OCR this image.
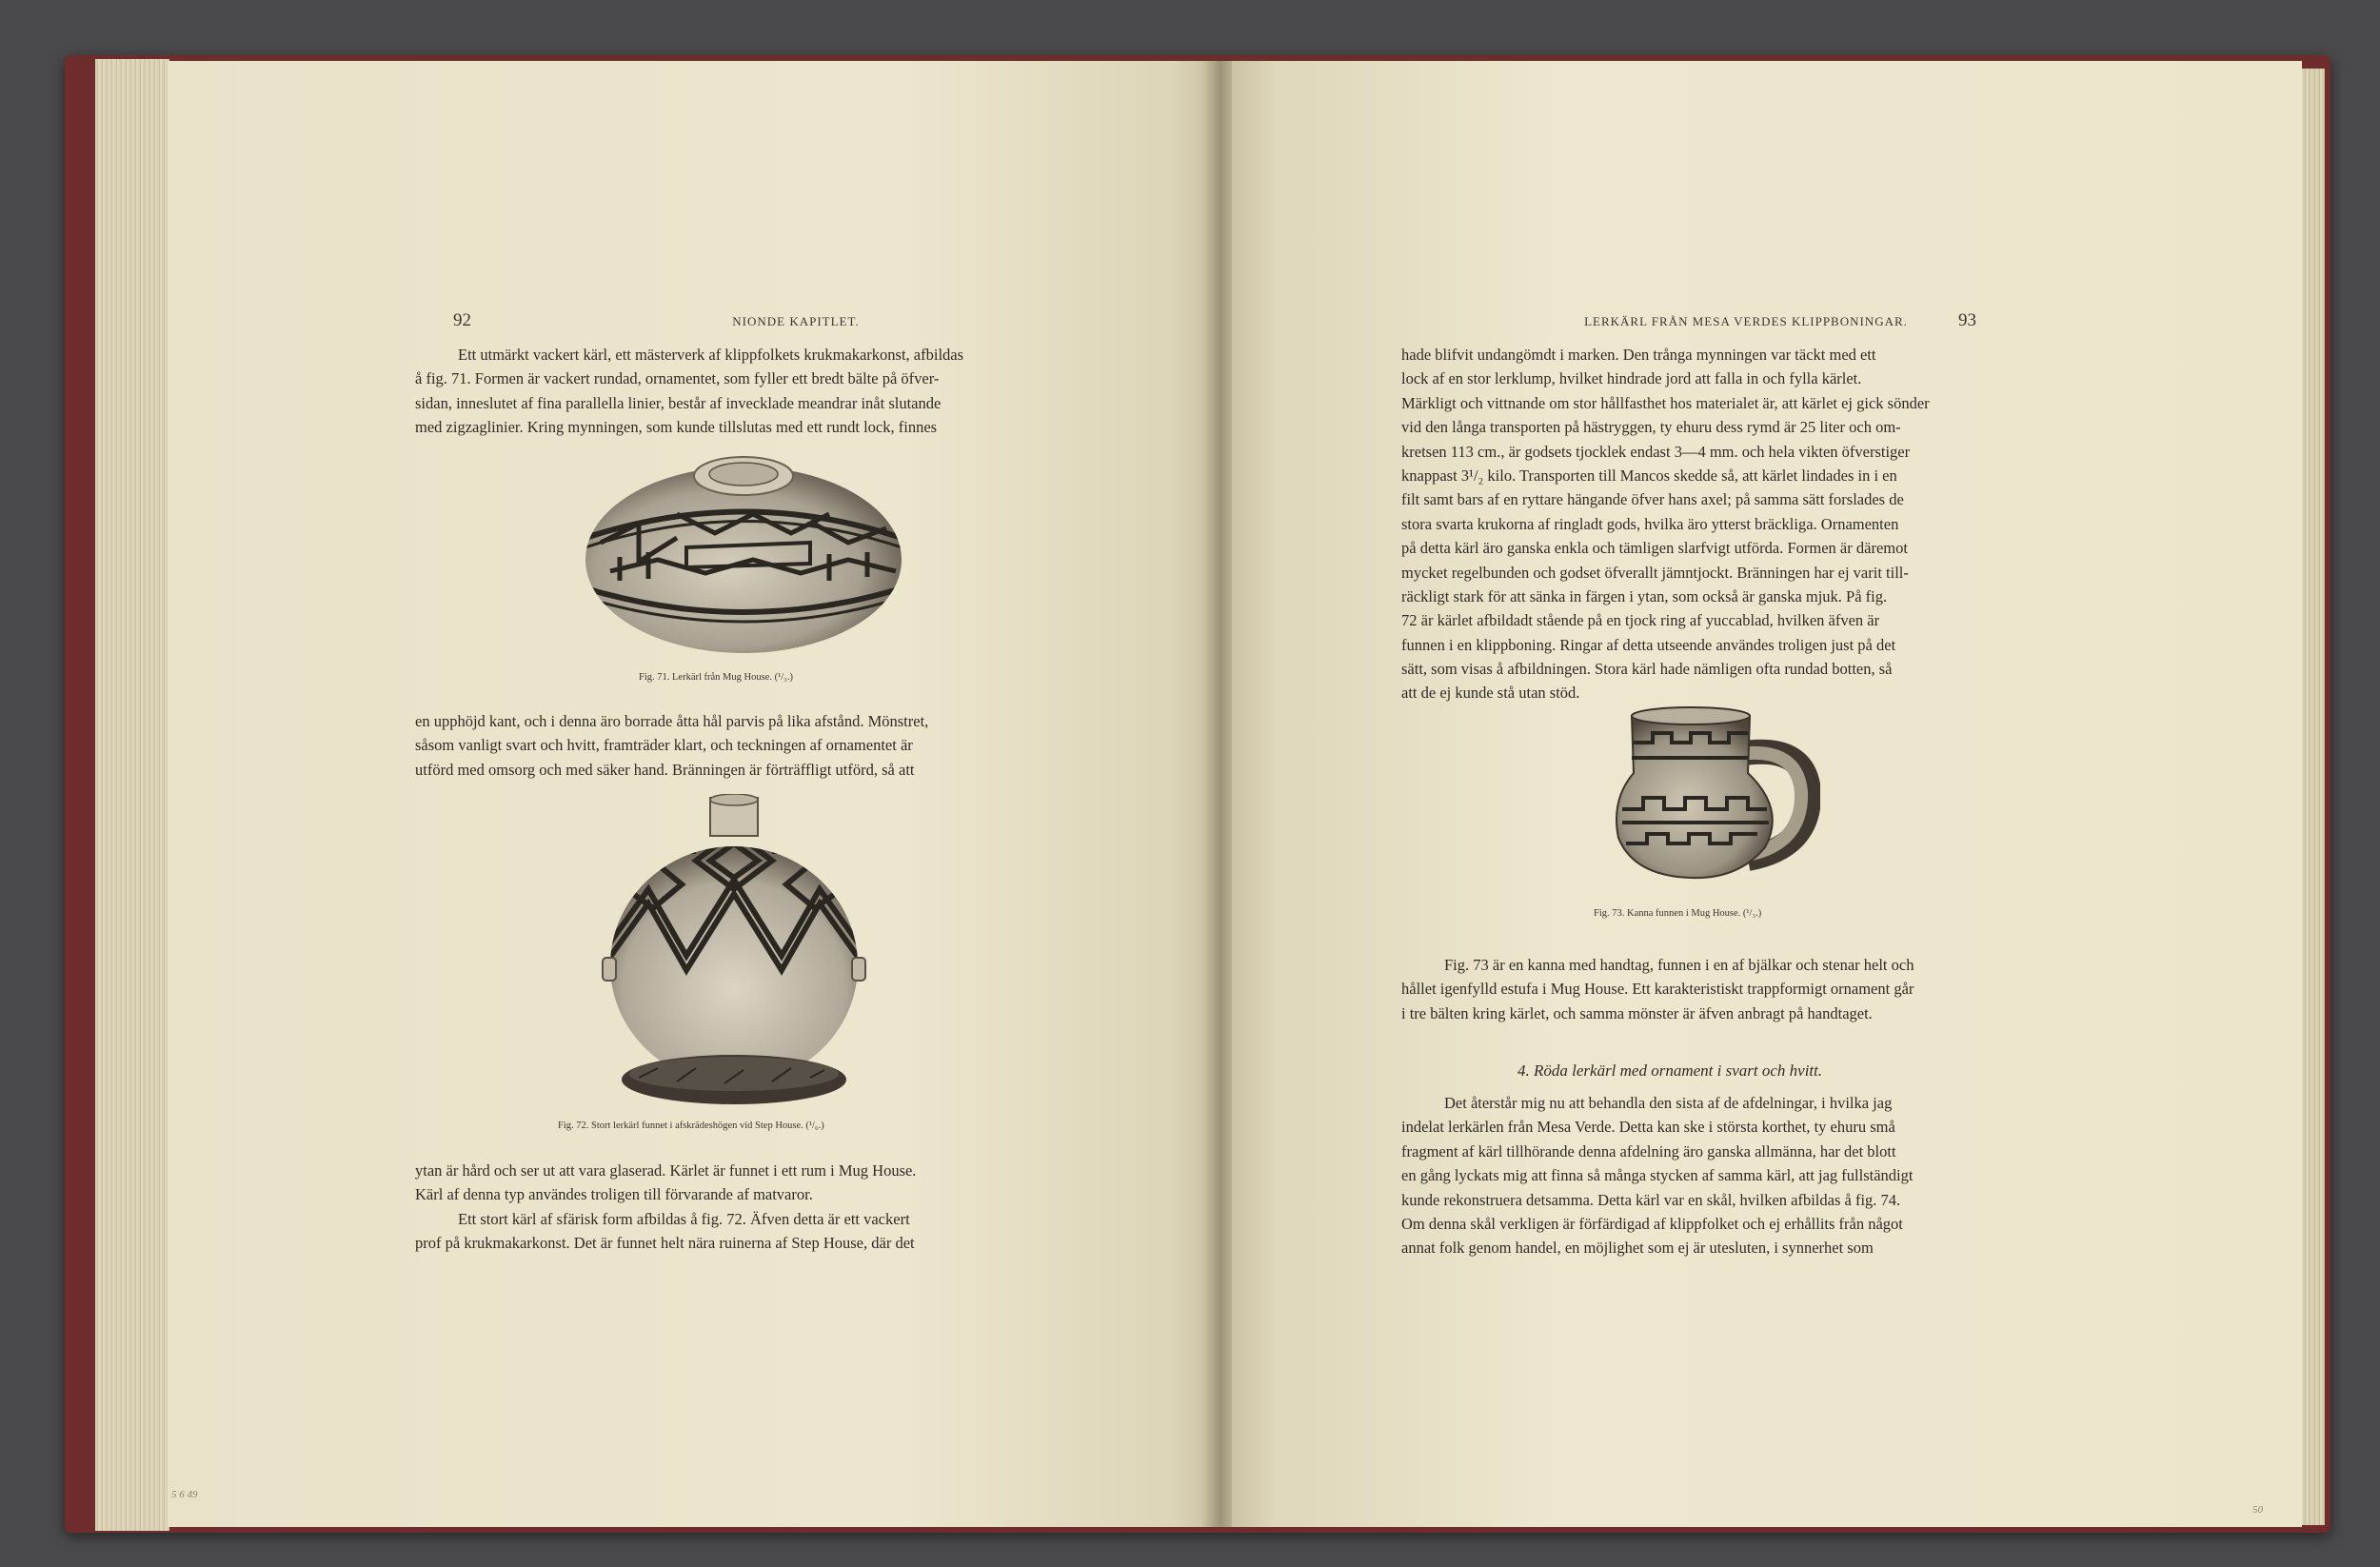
92	NIONDE KAPITLET.
Ett utmärkt vackert kärl, ett mästerverk af klippfolkets krukmakarkonst, afbildas
å fig. 71. Formen är vackert rundad, ornamentet, som fyller ett bredt bälte på öfver-
sidan, inneslutet af fina parallella linier, består af invecklade meandrar inåt slutande
med zigzaglinier. Kring mynningen, som kunde tillslutas med ett rundt lock, finnes
Fig. 71. Lerkärl från Mug House. (¹/₃.)
en upphöjd kant, och i denna äro borrade åtta hål parvis på lika afstånd. Mönstret,
såsom vanligt svart och hvitt, framträder klart, och teckningen af ornamentet är
utförd med omsorg och med säker hand. Bränningen är förträffligt utförd, så att
Fig. 72. Stort lerkärl funnet i afskrädeshögen vid Step House. (¹/₆.)
ytan är hård och ser ut att vara glaserad. Kärlet är funnet i ett rum i Mug House.
Kärl af denna typ användes troligen till förvarande af matvaror.
Ett stort kärl af sfärisk form afbildas å fig. 72. Äfven detta är ett vackert
prof på krukmakarkonst. Det är funnet helt nära ruinerna af Step House, där det
5 6 49
LERKÄRL FRÅN MESA VERDES KLIPPBONINGAR.	93
hade blifvit undangömdt i marken. Den trånga mynningen var täckt med ett
lock af en stor lerklump, hvilket hindrade jord att falla in och fylla kärlet.
Märkligt och vittnande om stor hållfasthet hos materialet är, att kärlet ej gick sönder
vid den långa transporten på hästryggen, ty ehuru dess rymd är 25 liter och om-
kretsen 113 cm., är godsets tjocklek endast 3—4 mm. och hela vikten öfverstiger
knappast 3¹/₂ kilo. Transporten till Mancos skedde så, att kärlet lindades in i en
filt samt bars af en ryttare hängande öfver hans axel; på samma sätt forslades de
stora svarta krukorna af ringladt gods, hvilka äro ytterst bräckliga. Ornamenten
på detta kärl äro ganska enkla och tämligen slarfvigt utförda. Formen är däremot
mycket regelbunden och godset öfverallt jämntjockt. Bränningen har ej varit till-
räckligt stark för att sänka in färgen i ytan, som också är ganska mjuk. På fig.
72 är kärlet afbildadt stående på en tjock ring af yuccablad, hvilken äfven är
funnen i en klippboning. Ringar af detta utseende användes troligen just på det
sätt, som visas å afbildningen. Stora kärl hade nämligen ofta rundad botten, så
att de ej kunde stå utan stöd.
Fig. 73. Kanna funnen i Mug House. (¹/₃.)
Fig. 73 är en kanna med handtag, funnen i en af bjälkar och stenar helt och
hållet igenfylld estufa i Mug House. Ett karakteristiskt trappformigt ornament går
i tre bälten kring kärlet, och samma mönster är äfven anbragt på handtaget.
4. Röda lerkärl med ornament i svart och hvitt.
Det återstår mig nu att behandla den sista af de afdelningar, i hvilka jag
indelat lerkärlen från Mesa Verde. Detta kan ske i största korthet, ty ehuru små
fragment af kärl tillhörande denna afdelning äro ganska allmänna, har det blott
en gång lyckats mig att finna så många stycken af samma kärl, att jag fullständigt
kunde rekonstruera detsamma. Detta kärl var en skål, hvilken afbildas å fig. 74.
Om denna skål verkligen är förfärdigad af klippfolket och ej erhållits från något
annat folk genom handel, en möjlighet som ej är utesluten, i synnerhet som
50
